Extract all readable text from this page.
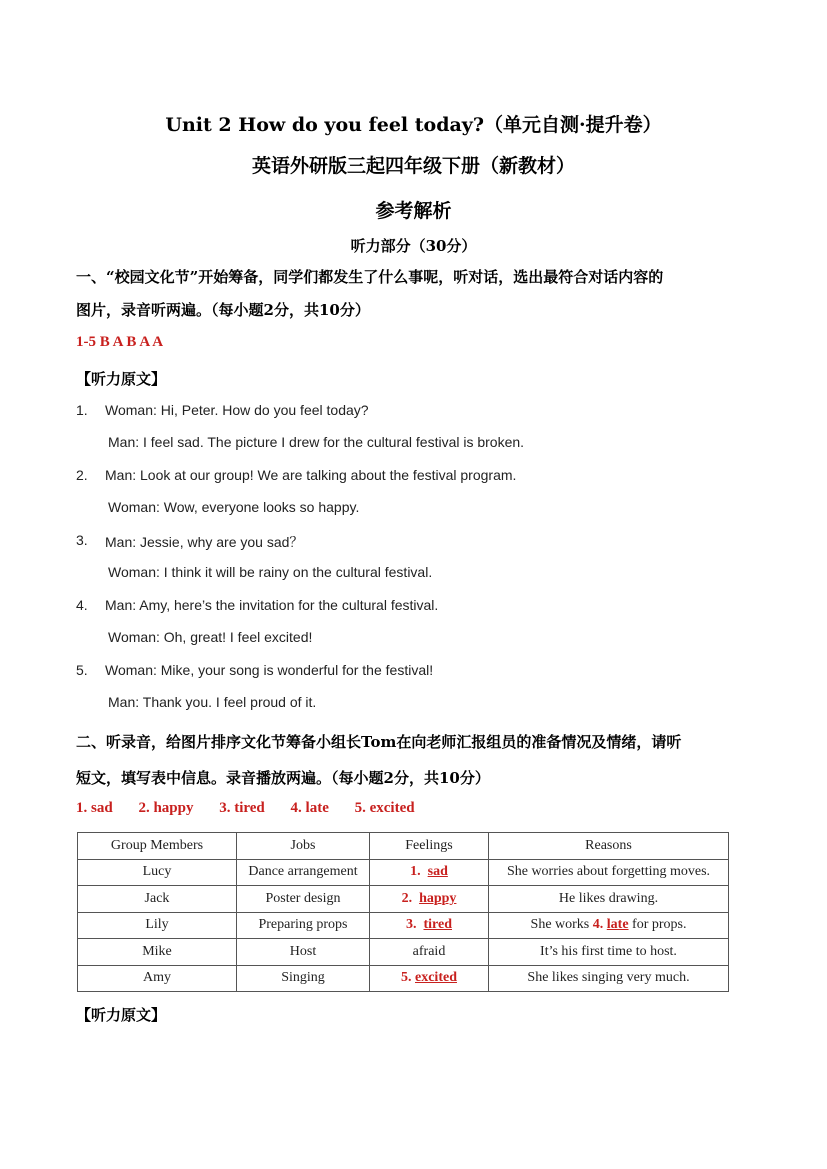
Unit 2 How do you feel today?（单元自测·提升卷）
英语外研版三起四年级下册（新教材）
参考解析
听力部分（30分）
一、“校园文化节”开始筹备，同学们都发生了什么事呢，听对话，选出最符合对话内容的
图片，录音听两遍。（每小题2分，共10分）
1-5 B A B A A
【听力原文】
1. Woman: Hi, Peter. How do you feel today?
Man: I feel sad. The picture I drew for the cultural festival is broken.
2. Man: Look at our group! We are talking about the festival program.
Woman: Wow, everyone looks so happy.
3. Man: Jessie, why are you sad？
Woman: I think it will be rainy on the cultural festival.
4. Man: Amy, here’s the invitation for the cultural festival.
Woman: Oh, great! I feel excited!
5. Woman: Mike, your song is wonderful for the festival!
Man: Thank you. I feel proud of it.
二、听录音，给图片排序文化节筹备小组长Tom在向老师汇报组员的准备情况及情绪，请听
短文，填写表中信息。录音播放两遍。（每小题2分，共10分）
1. sad 2. happy 3. tired 4. late 5. excited
Group Members	Jobs	Feelings	Reasons
Lucy	Dance arrangement	1. sad	She worries about forgetting moves.
Jack	Poster design	2. happy	He likes drawing.
Lily	Preparing props	3. tired	She works 4. late for props.
Mike	Host	afraid	It’s his first time to host.
Amy	Singing	5. excited	She likes singing very much.
【听力原文】
